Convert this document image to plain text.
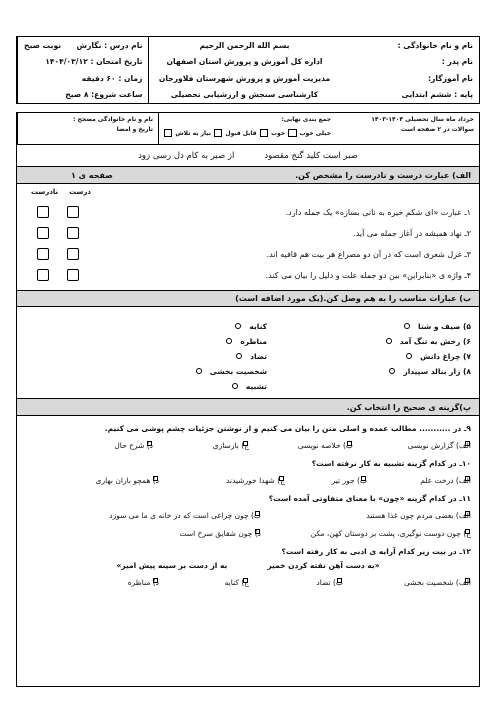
نام و نام خانوادگی :
نام پدر :
نام آموزگار:
پایه : ششم ابتدایی
بسم الله الرحمن الرحیم
اداره کل آموزش و پرورش استان اصفهان
مدیریت آموزش و پرورش شهرستان فلاورجان
کارشناسی سنجش و ارزشیابی تحصیلی
نام درس : نگارش
نوبت صبح
تاریخ امتحان : ۱۴۰۴/۰۳/۱۲
زمان : ۶۰ دقیقه
ساعت شروع: ۸ صبح
خرداد ماه سال تحصیلی ۱۴۰۴-۱۴۰۳
سوالات در ۲ صفحه است
جمع بندی نهایی:
خیلی خوب
خوب
قابل قبول
نیاز به تلاش
نام و نام خانوادگی مصحح :
تاریخ و امضا
صبر است کلید گنج مقصود
از صبر به کام دل رسی زود
الف) عبارت درست و نادرست را مشخص کن.
صفحه ی ۱
نادرست درست
۱ـ عبارت «ای شکم خیره به نانی بسازه» یک جمله دارد.
۲ـ نهاد همیشه در آغاز جمله می آید.
۳ـ غزل شعری است که در آن دو مصراع هر بیت هم قافیه اند.
۴ـ واژه ی «بنابراین» بین دو جمله علت و دلیل را بیان می کند.
ب) عبارات مناسب را به هم وصل کن.(یک مورد اضافه است)
۵) صیف و شتا
۶) رخش به تنگ آمد
۷) چراغ دانش
۸) زار بنالد سپیدار
کنایه
مناظره
تضاد
شخصیت بخشی
تشبیه
پ)گزینه ی صحیح را انتخاب کن.
۹ـ در ........... مطالب عمده و اصلی متن را بیان می کنیم و از نوشتن جزئیات چشم پوشی می کنیم.
الف) گزارش نویسی
ب) خلاصه نویسی
ج) بازسازی
د) شرح حال
۱۰ـ در کدام گزینه تشبیه به کار نرفته است؟
الف) درخت علم
ب) جور تیر
ج) شهدا خورشیدند
د) همچو باران بهاری
۱۱ـ در کدام گزینه «چون» با معنای متفاوتی آمده است؟
الف) بعضی مردم چون غذا هستند
ب) چون چراغی است که در خانه ی ما می سوزد
ج) چون دوست نوگیری، پشت بر دوستان کهن، مکن
د) چون شقایق سرخ است
۱۲ـ در بیت زیر کدام آرایه ی ادبی به کار رفته است؟
«به دست آهن تفته کردن خمیر
به از دست بر سینه پیش امیر»
الف) شخصیت بخشی
ب) تضاد
ج) کنایه
د) مناظره
